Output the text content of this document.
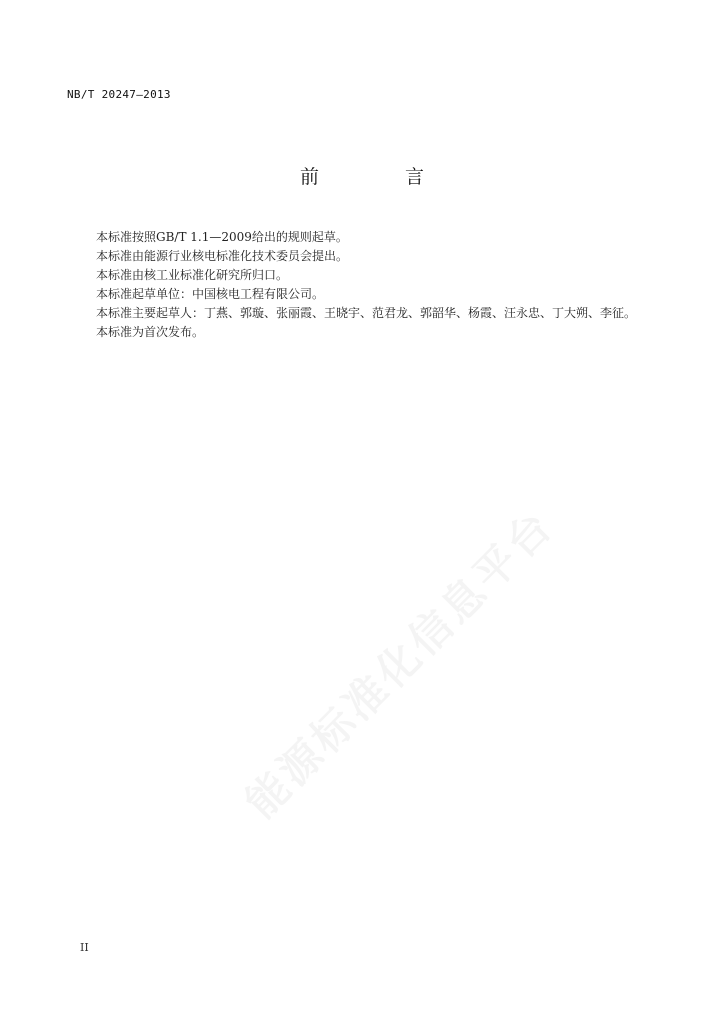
NB/T 20247—2013
前 言

本标准按照GB/T 1.1—2009给出的规则起草。

本标准由能源行业核电标准化技术委员会提出。

本标准由核工业标准化研究所归口。

本标准起草单位：中国核电工程有限公司。

本标准主要起草人：丁燕、郭璇、张丽霞、王晓宇、范君龙、郭韶华、杨霞、汪永忠、丁大朔、李征。

本标准为首次发布。

II
